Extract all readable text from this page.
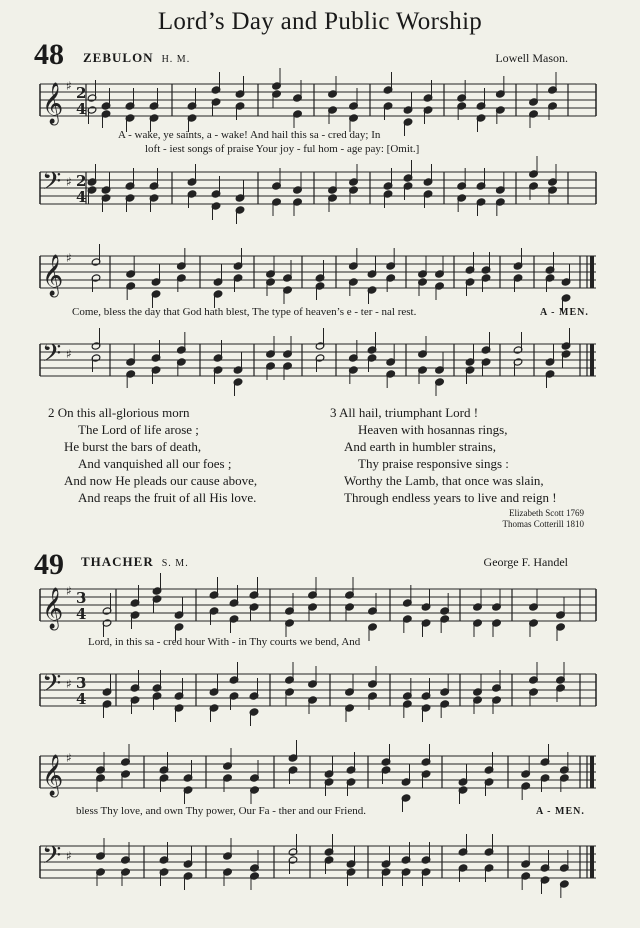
Lord’s Day and Public Worship
48 ZEBULON H. M.	Lowell Mason.
𝄞 ♯ 2
4
A - wake, ye saints, a - wake! And hail this sa - cred day; In
loft - iest songs of praise Your joy - ful hom - age pay: [Omit.]
𝄢 ♯ 2
4
𝄞 ♯
Come, bless the day that God hath blest, The type of heaven’s e - ter - nal rest.	A - MEN.
𝄢 ♯
2 On this all-glorious morn
The Lord of life arose ;
He burst the bars of death,
And vanquished all our foes ;
And now He pleads our cause above,
And reaps the fruit of all His love.
3 All hail, triumphant Lord !
Heaven with hosannas rings,
And earth in humbler strains,
Thy praise responsive sings :
Worthy the Lamb, that once was slain,
Through endless years to live and reign !
Elizabeth Scott 1769
Thomas Cotterill 1810
49 THACHER S. M.	George F. Handel
𝄞 ♯ 3
4
Lord, in this sa - cred hour With - in Thy courts we bend, And
𝄢 ♯ 3
4
𝄞 ♯
bless Thy love, and own Thy power, Our Fa - ther and our Friend.	A - MEN.
𝄢 ♯
